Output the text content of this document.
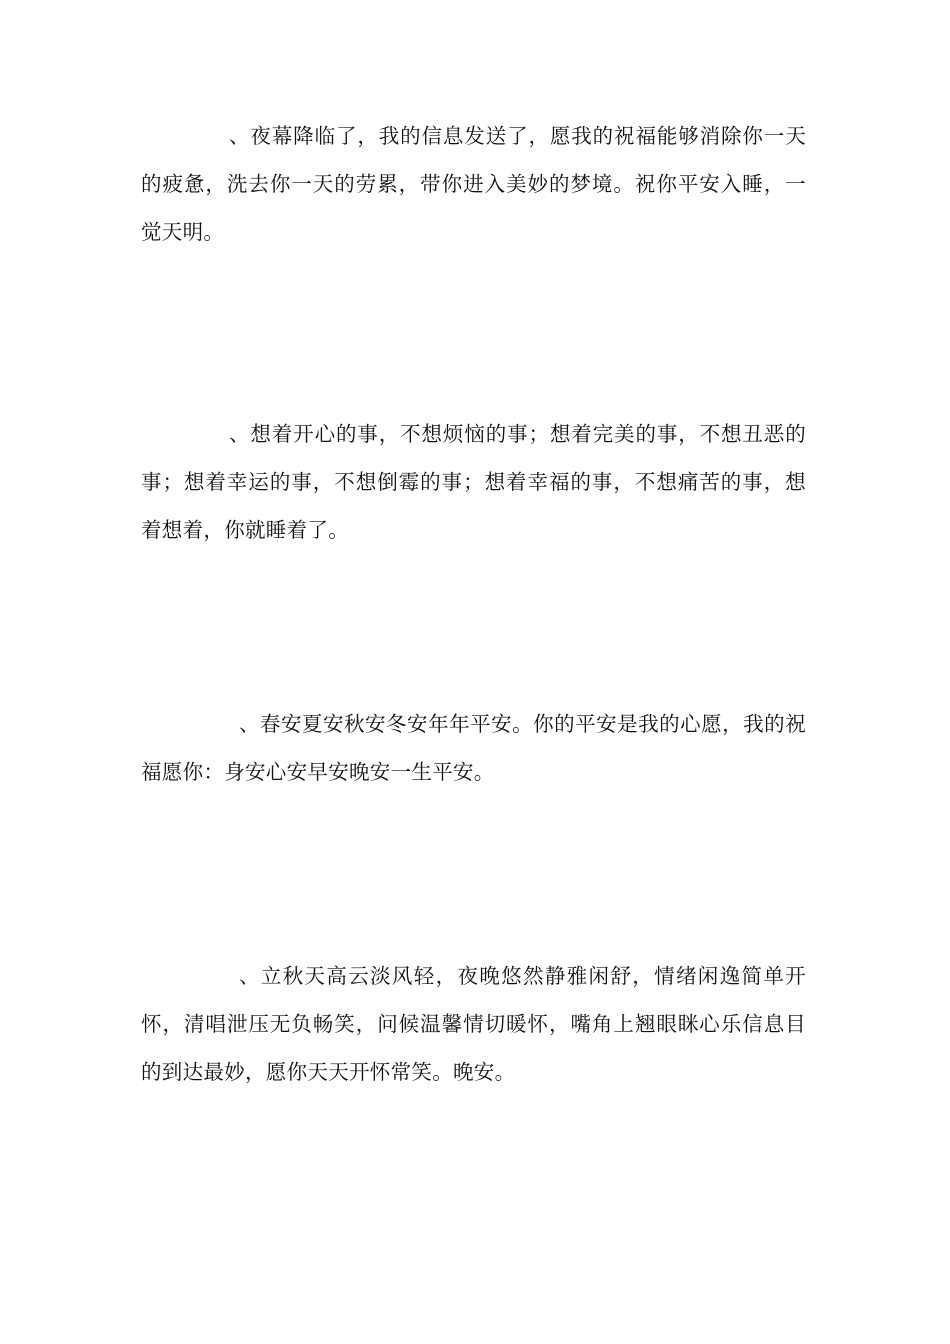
、夜幕降临了，我的信息发送了，愿我的祝福能够消除你一天的疲惫，洗去你一天的劳累，带你进入美妙的梦境。祝你平安入睡，一觉天明。

、想着开心的事，不想烦恼的事；想着完美的事，不想丑恶的事；想着幸运的事，不想倒霉的事；想着幸福的事，不想痛苦的事，想着想着，你就睡着了。

、春安夏安秋安冬安年年平安。你的平安是我的心愿，我的祝福愿你：身安心安早安晚安一生平安。

、立秋天高云淡风轻，夜晚悠然静雅闲舒，情绪闲逸简单开怀，清唱泄压无负畅笑，问候温馨情切暖怀，嘴角上翘眼眯心乐信息目的到达最妙，愿你天天开怀常笑。晚安。
